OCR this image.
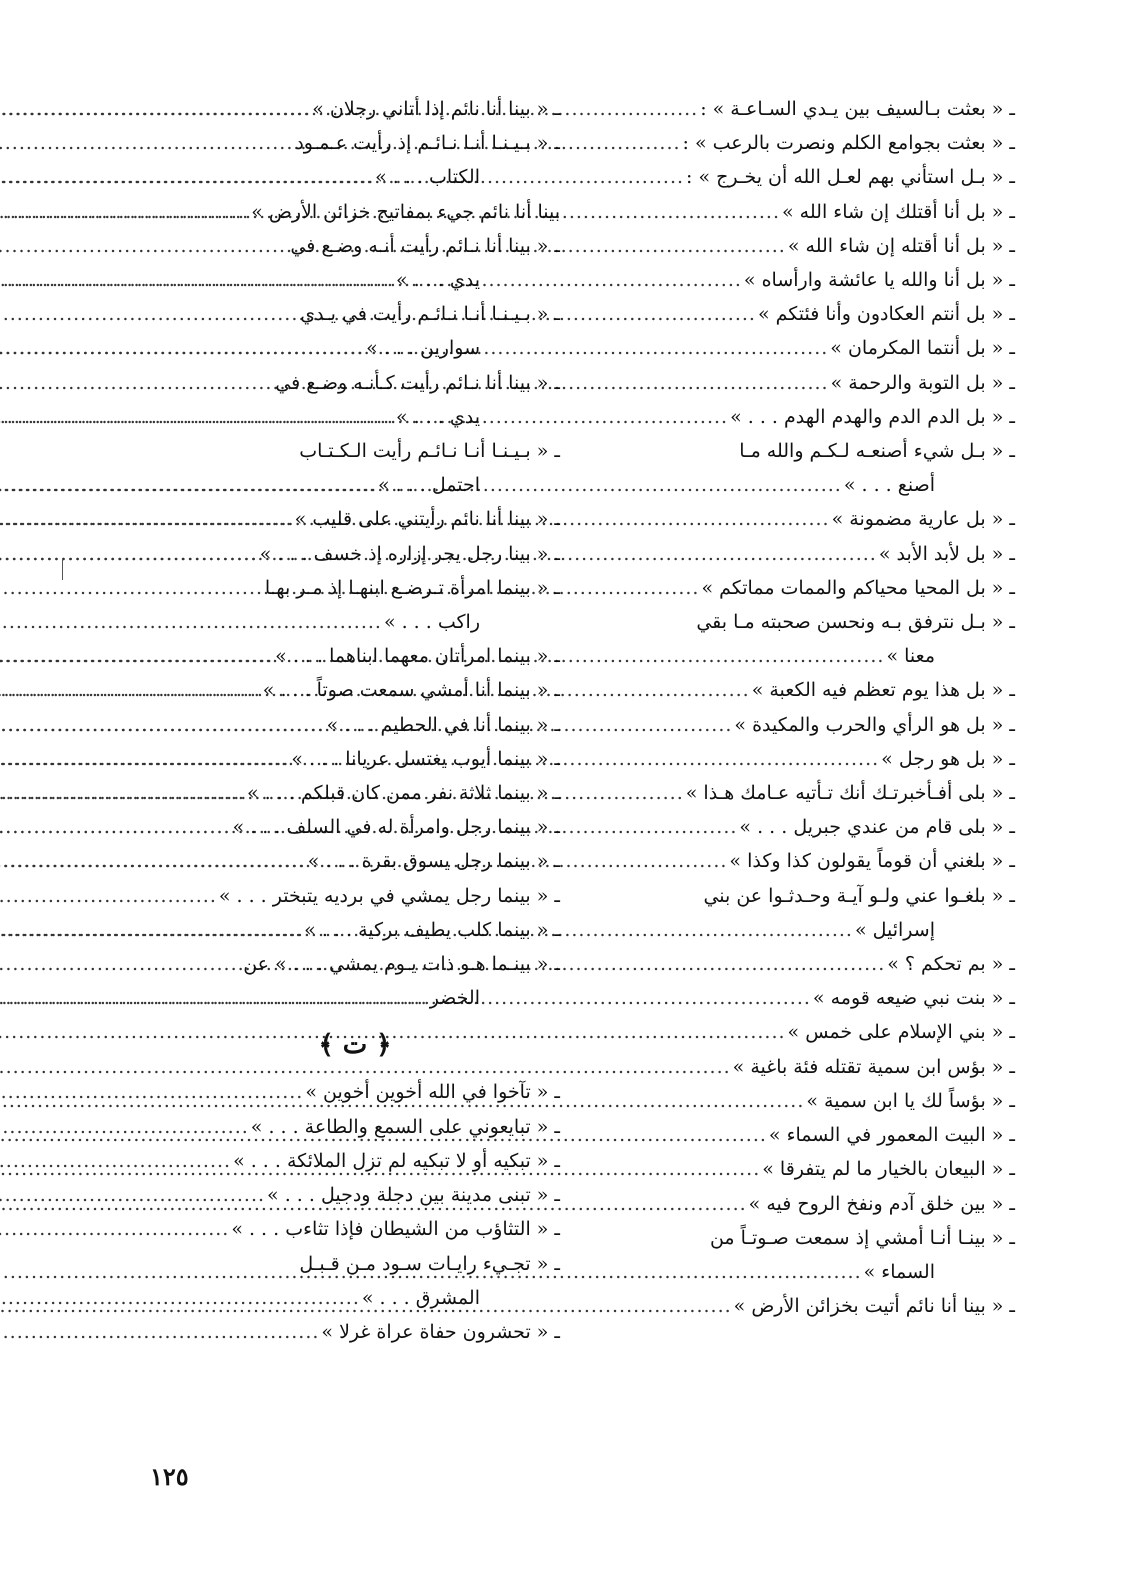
ـ « بعثت بـالسيف بين يـدي السـاعـة » :
.....
ـ « بعثت بجوامع الكلم ونصرت بالرعب » :
.....
ـ « بـل استأني بهم لعـل الله أن يخـرج » :
.....
ـ « بل أنا أقتلك إن شاء الله »
.....
ـ « بل أنا أقتله إن شاء الله »
.....
ـ « بل أنا والله يا عائشة وارأساه »
.....
ـ « بل أنتم العكادون وأنا فئتكم »
.....
ـ « بل أنتما المكرمان »
.....
ـ « بل التوبة والرحمة »
.....
ـ « بل الدم الدم والهدم الهدم . . . »
.....
ـ « بـل شيء أصنعـه لـكـم والله مـا
أصنع . . . »
.....
ـ « بل عارية مضمونة »
.....
ـ « بل لأبد الأبد »
.....
ـ « بل المحيا محياكم والممات مماتكم »
.....
ـ « بـل نترفق بـه ونحسن صحبته مـا بقي
معنا »
.....
ـ « بل هذا يوم تعظم فيه الكعبة »
.....
ـ « بل هو الرأي والحرب والمكيدة »
.....
ـ « بل هو رجل »
.....
ـ « بلى أفـأخبرتـك أنك تـأتيه عـامك هـذا »
.....
ـ « بلى قام من عندي جبريل . . . »
.....
ـ « بلغني أن قوماً يقولون كذا وكذا »
.....
ـ « بلغـوا عني ولـو آيـة وحـدثـوا عن بني
إسرائيل »
.....
ـ « بم تحكم ؟ »
.....
ـ « بنت نبي ضيعه قومه »
.....
ـ « بني الإسلام على خمس »
.....
ـ « بؤس ابن سمية تقتله فئة باغية »
.....
ـ « بؤساً لك يا ابن سمية »
.....
ـ « البيت المعمور في السماء »
.....
ـ « البيعان بالخيار ما لم يتفرقا »
.....
ـ « بين خلق آدم ونفخ الروح فيه »
.....
ـ « بينـا أنـا أمشي إذ سمعت صـوتـاً من
السماء »
.....
ـ « بينا أنا نائم أتيت بخزائن الأرض »
.....
ـ « بينا أنا نائم إذا أتاني رجلان »
.....
ـ « بـيـنـا أنـا نـائـم إذ رأيت عـمـود
الكتاب . . . »
.....
بينا أنا نائم جيء بمفاتيح خزائن الأرض »
.....
ـ « بينا أنا نـائم رأيت أنـه وضـع في
يدي . . . »
.....
ـ « بـيـنـا أنـا نـائـم رأيت في يـدي
سوارين . . . »
.....
ـ « بينا أنا نـائم رأيت كـأنـه وضـع في
يدي . . . »
.....
ـ « بـيـنـا أنـا نـائـم رأيت الـكـتـاب
احتمل . . . »
.....
ـ « بينا أنا نائم رأيتني على قليب »
.....
ـ « بينا رجل يجر إزاره إذ خسف . . . »
.....
ـ « بينما امرأة تـرضـع ابنهـا إذ مـر بهـا
راكب . . . »
.....
ـ « بينما امرأتان معهما ابناهما . . . »
.....
ـ « بينما أنا أمشي سمعت صوتاً . . . »
.....
ـ « بينما أنا في الحطيم . . . »
.....
ـ « بينما أيوب يغتسل عريانا . . . »
.....
ـ « بينما ثلاثة نفر ممن كان قبلكم . . . »
.....
ـ « بينما رجل وامرأة له في السلف . . . »
.....
ـ « بينما رجل يسوق بقرة . . . »
.....
ـ « بينما رجل يمشي في برديه يتبختر . . . »
.....
ـ « بينما كلب يطيف بركية . . . »
.....
ـ « بينـما هـو ذات يـوم يمشي . . . » عن
الخضر
.....
﴿ ت ﴾
ـ « تآخوا في الله أخوين أخوين »
.....
ـ « تبايعوني على السمع والطاعة . . . »
.....
ـ « تبكيه أو لا تبكيه لم تزل الملائكة . . . »
.....
ـ « تبنى مدينة بين دجلة ودجيل . . . »
.....
ـ « التثاؤب من الشيطان فإذا تثاءب . . . »
.....
ـ « تجـيء رايـات سـود مـن قـبـل
المشرق . . . »
.....
ـ « تحشرون حفاة عراة غرلا »
.....
١٢٥
